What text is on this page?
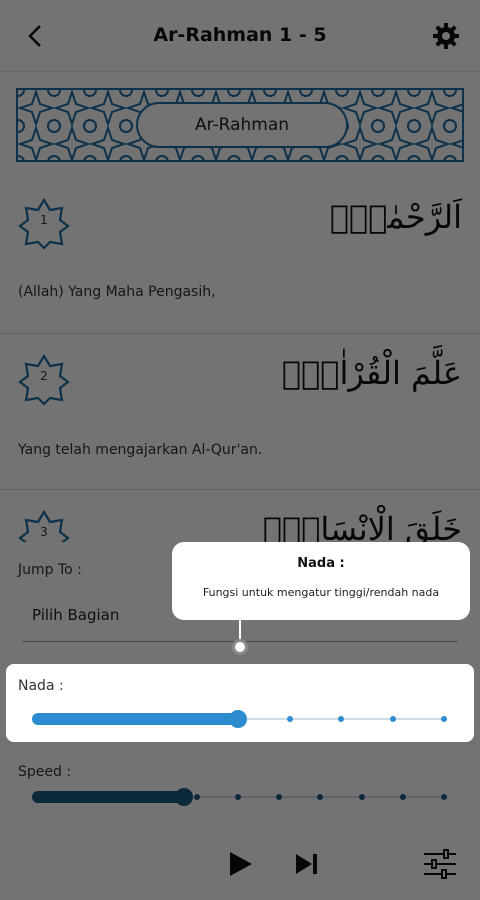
Nada :
Nada :
Fungsi untuk mengatur tinggi/rendah nada
